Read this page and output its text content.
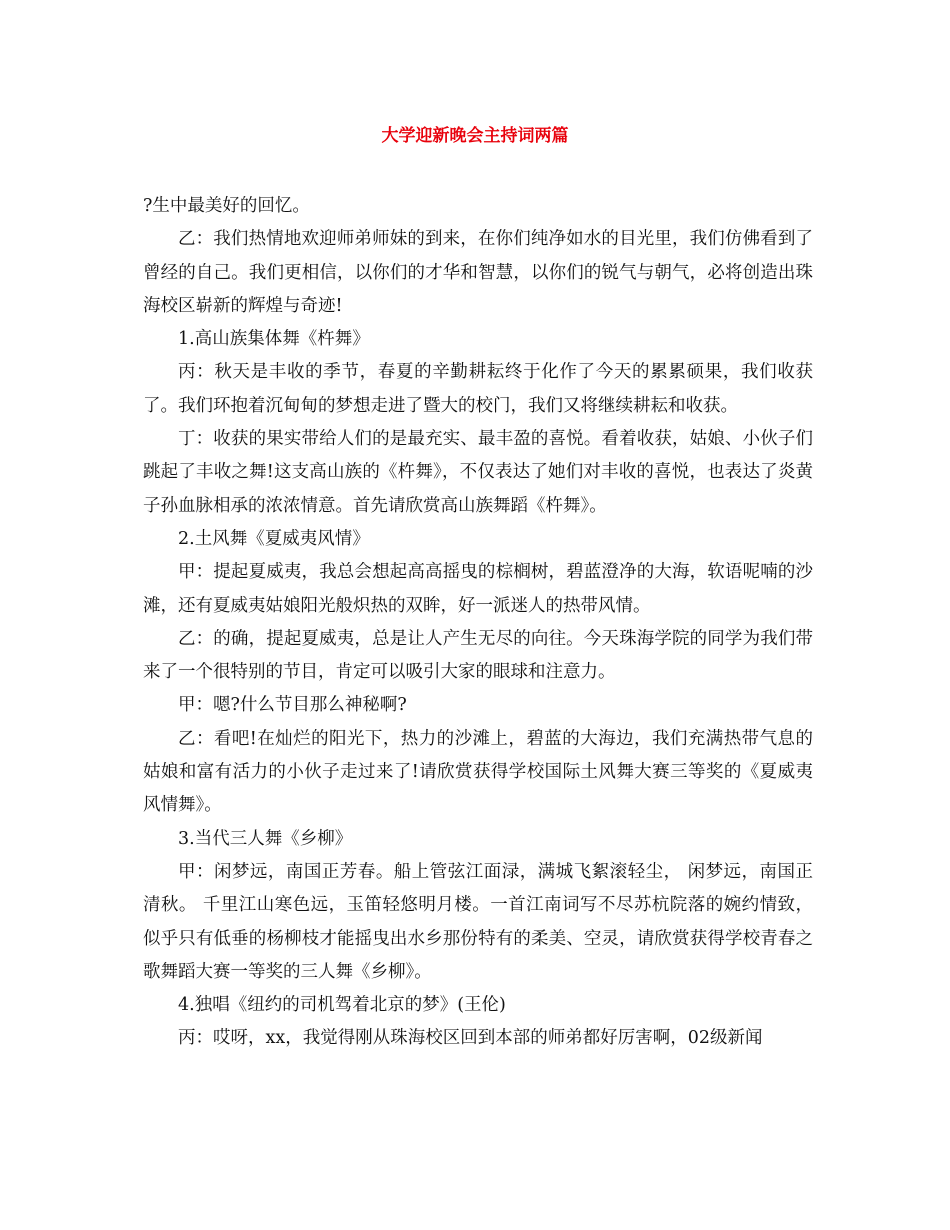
大学迎新晚会主持词两篇

?生中最美好的回忆。

乙：我们热情地欢迎师弟师妹的到来，在你们纯净如水的目光里，我们仿佛看到了曾经的自己。我们更相信，以你们的才华和智慧，以你们的锐气与朝气，必将创造出珠海校区崭新的辉煌与奇迹!

1.高山族集体舞《杵舞》

丙：秋天是丰收的季节，春夏的辛勤耕耘终于化作了今天的累累硕果，我们收获了。我们环抱着沉甸甸的梦想走进了暨大的校门，我们又将继续耕耘和收获。

丁：收获的果实带给人们的是最充实、最丰盈的喜悦。看着收获，姑娘、小伙子们跳起了丰收之舞!这支高山族的《杵舞》，不仅表达了她们对丰收的喜悦，也表达了炎黄子孙血脉相承的浓浓情意。首先请欣赏高山族舞蹈《杵舞》。

2.土风舞《夏威夷风情》

甲：提起夏威夷，我总会想起高高摇曳的棕榈树，碧蓝澄净的大海，软语呢喃的沙滩，还有夏威夷姑娘阳光般炽热的双眸，好一派迷人的热带风情。

乙：的确，提起夏威夷，总是让人产生无尽的向往。今天珠海学院的同学为我们带来了一个很特别的节目，肯定可以吸引大家的眼球和注意力。

甲：嗯?什么节目那么神秘啊?

乙：看吧!在灿烂的阳光下，热力的沙滩上，碧蓝的大海边，我们充满热带气息的姑娘和富有活力的小伙子走过来了!请欣赏获得学校国际土风舞大赛三等奖的《夏威夷风情舞》。

3.当代三人舞《乡柳》

甲：闲梦远，南国正芳春。船上管弦江面渌，满城飞絮滚轻尘， 闲梦远，南国正清秋。 千里江山寒色远，玉笛轻悠明月楼。一首江南词写不尽苏杭院落的婉约情致，似乎只有低垂的杨柳枝才能摇曳出水乡那份特有的柔美、空灵，请欣赏获得学校青春之歌舞蹈大赛一等奖的三人舞《乡柳》。

4.独唱《纽约的司机驾着北京的梦》(王伦)

丙：哎呀，xx，我觉得刚从珠海校区回到本部的师弟都好厉害啊，02级新闻
